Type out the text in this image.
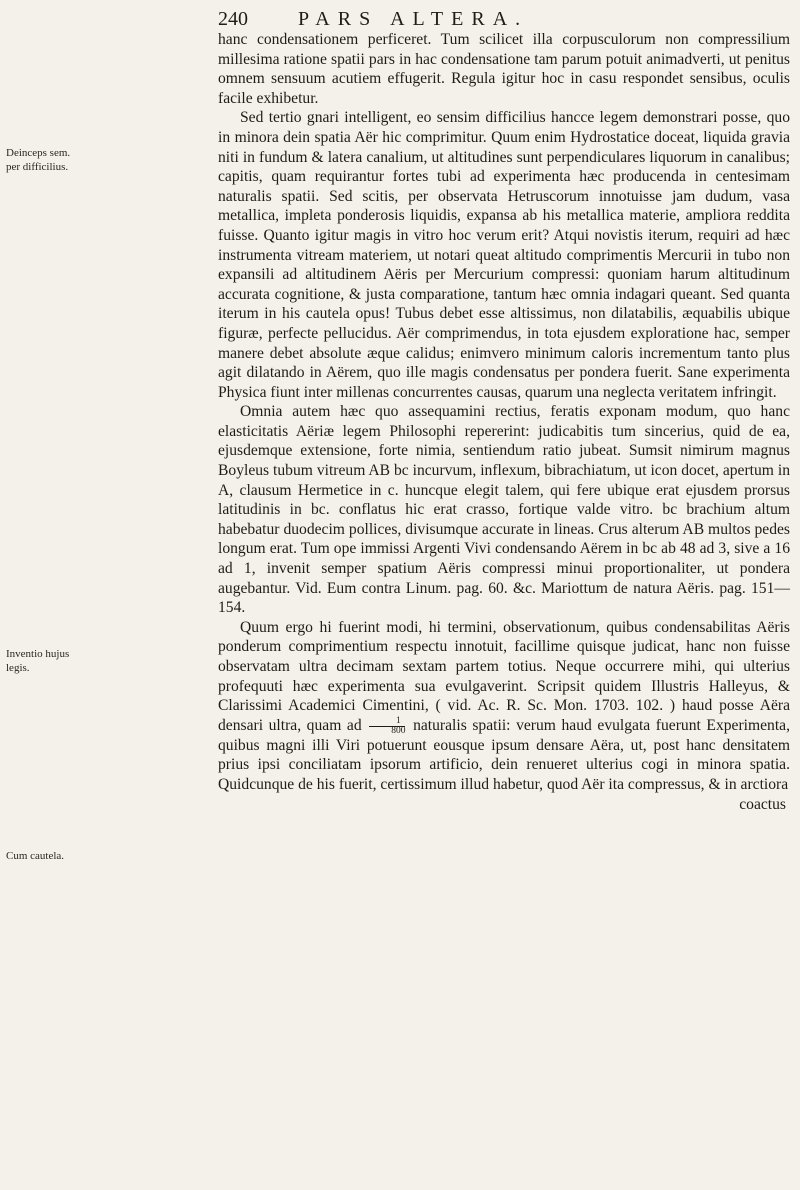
240	PARS ALTERA.
Deinceps sem. per difficilius.
Inventio hujus legis.
Cum cautela.

hanc condensationem perficeret. Tum scilicet illa corpusculorum non compressilium millesima ratione spatii pars in hac condensatione tam parum potuit animadverti, ut penitus omnem sensuum acutiem effugerit. Regula igitur hoc in casu respondet sensibus, oculis facile exhibetur.

Sed tertio gnari intelligent, eo sensim difficilius hancce legem demonstrari posse, quo in minora dein spatia Aër hic comprimitur. Quum enim Hydrostatice doceat, liquida gravia niti in fundum & latera canalium, ut altitudines sunt perpendiculares liquorum in canalibus; capitis, quam requirantur fortes tubi ad experimenta hæc producenda in centesimam naturalis spatii. Sed scitis, per observata Hetruscorum innotuisse jam dudum, vasa metallica, impleta ponderosis liquidis, expansa ab his metallica materie, ampliora reddita fuisse. Quanto igitur magis in vitro hoc verum erit? Atqui novistis iterum, requiri ad hæc instrumenta vitream materiem, ut notari queat altitudo comprimentis Mercurii in tubo non expansili ad altitudinem Aëris per Mercurium compressi: quoniam harum altitudinum accurata cognitione, & justa comparatione, tantum hæc omnia indagari queant. Sed quanta iterum in his cautela opus! Tubus debet esse altissimus, non dilatabilis, æquabilis ubique figuræ, perfecte pellucidus. Aër comprimendus, in tota ejusdem exploratione hac, semper manere debet absolute æque calidus; enimvero minimum caloris incrementum tanto plus agit dilatando in Aërem, quo ille magis condensatus per pondera fuerit. Sane experimenta Physica fiunt inter millenas concurrentes causas, quarum una neglecta veritatem infringit.

Omnia autem hæc quo assequamini rectius, feratis exponam modum, quo hanc elasticitatis Aëriæ legem Philosophi repererint: judicabitis tum sincerius, quid de ea, ejusdemque extensione, forte nimia, sentiendum ratio jubeat. Sumsit nimirum magnus Boyleus tubum vitreum AB bc incurvum, inflexum, bibrachiatum, ut icon docet, apertum in A, clausum Hermetice in c. huncque elegit talem, qui fere ubique erat ejusdem prorsus latitudinis in bc. conflatus hic erat crasso, fortique valde vitro. bc brachium altum habebatur duodecim pollices, divisumque accurate in lineas. Crus alterum AB multos pedes longum erat. Tum ope immissi Argenti Vivi condensando Aërem in bc ab 48 ad 3, sive a 16 ad 1, invenit semper spatium Aëris compressi minui proportionaliter, ut pondera augebantur. Vid. Eum contra Linum. pag. 60. &c. Mariottum de natura Aëris. pag. 151—154.

Quum ergo hi fuerint modi, hi termini, observationum, quibus condensabilitas Aëris ponderum comprimentium respectu innotuit, facillime quisque judicat, hanc non fuisse observatam ultra decimam sextam partem totius. Neque occurrere mihi, qui ulterius profequuti hæc experimenta sua evulgaverint. Scripsit quidem Illustris Halleyus, & Clarissimi Academici Cimentini, ( vid. Ac. R. Sc. Mon. 1703. 102. ) haud posse Aëra densari ultra, quam ad $\frac{1}{800}$ naturalis spatii: verum haud evulgata fuerunt Experimenta, quibus magni illi Viri potuerunt eousque ipsum densare Aëra, ut, post hanc densitatem prius ipsi conciliatam ipsorum artificio, dein renueret ulterius cogi in minora spatia. Quidcunque de his fuerit, certissimum illud habetur, quod Aër ita compressus, & in arctiora

coactus
